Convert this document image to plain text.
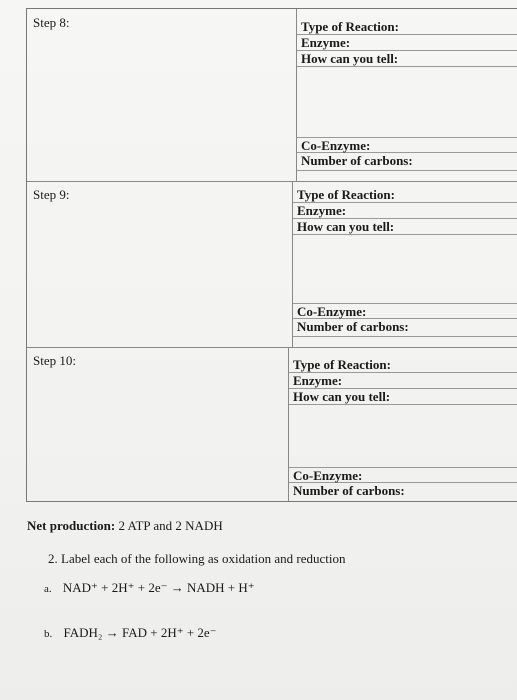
Step 8:	Type of Reaction:
Enzyme:
How can you tell:
Co-Enzyme:
Number of carbons:
Step 9:	Type of Reaction:
Enzyme:
How can you tell:
Co-Enzyme:
Number of carbons:
Step 10:	Type of Reaction:
Enzyme:
How can you tell:
Co-Enzyme:
Number of carbons:
Net production: 2 ATP and 2 NADH
2. Label each of the following as oxidation and reduction
a. NAD⁺ + 2H⁺ + 2e⁻ → NADH + H⁺
b. FADH₂ → FAD + 2H⁺ + 2e⁻
